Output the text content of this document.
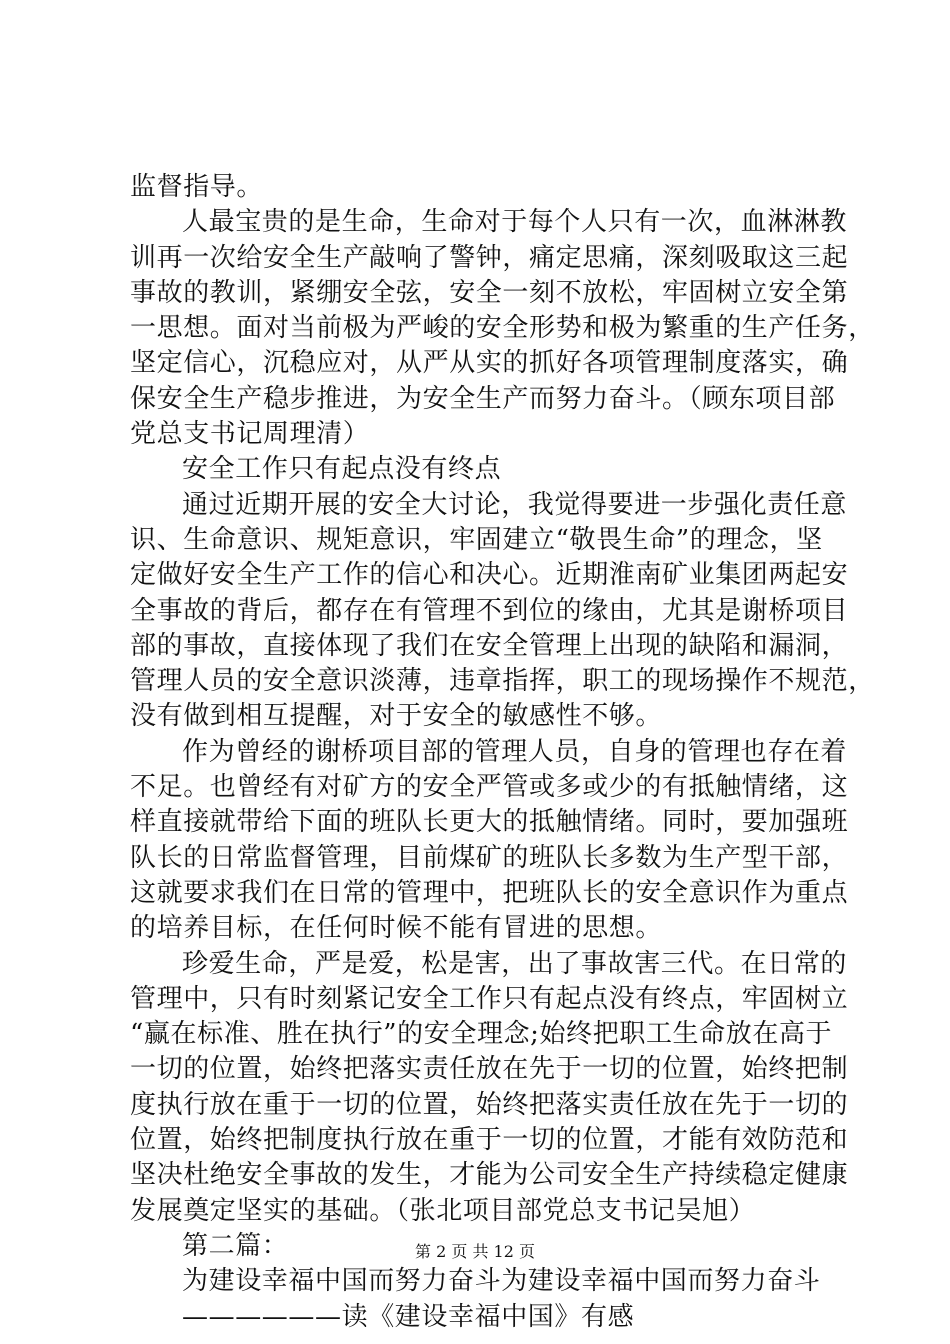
监督指导。
人最宝贵的是生命，生命对于每个人只有一次，血淋淋教
训再一次给安全生产敲响了警钟，痛定思痛，深刻吸取这三起
事故的教训，紧绷安全弦，安全一刻不放松，牢固树立安全第
一思想。面对当前极为严峻的安全形势和极为繁重的生产任务，
坚定信心，沉稳应对，从严从实的抓好各项管理制度落实，确
保安全生产稳步推进，为安全生产而努力奋斗。（顾东项目部
党总支书记周理清）
安全工作只有起点没有终点
通过近期开展的安全大讨论，我觉得要进一步强化责任意
识、生命意识、规矩意识，牢固建立“敬畏生命”的理念，坚
定做好安全生产工作的信心和决心。近期淮南矿业集团两起安
全事故的背后，都存在有管理不到位的缘由，尤其是谢桥项目
部的事故，直接体现了我们在安全管理上出现的缺陷和漏洞，
管理人员的安全意识淡薄，违章指挥，职工的现场操作不规范，
没有做到相互提醒，对于安全的敏感性不够。
作为曾经的谢桥项目部的管理人员，自身的管理也存在着
不足。也曾经有对矿方的安全严管或多或少的有抵触情绪，这
样直接就带给下面的班队长更大的抵触情绪。同时，要加强班
队长的日常监督管理，目前煤矿的班队长多数为生产型干部，
这就要求我们在日常的管理中，把班队长的安全意识作为重点
的培养目标，在任何时候不能有冒进的思想。
珍爱生命，严是爱，松是害，出了事故害三代。在日常的
管理中，只有时刻紧记安全工作只有起点没有终点，牢固树立
“赢在标准、胜在执行”的安全理念;始终把职工生命放在高于
一切的位置，始终把落实责任放在先于一切的位置，始终把制
度执行放在重于一切的位置，始终把落实责任放在先于一切的
位置，始终把制度执行放在重于一切的位置，才能有效防范和
坚决杜绝安全事故的发生，才能为公司安全生产持续稳定健康
发展奠定坚实的基础。（张北项目部党总支书记吴旭）
第二篇：
为建设幸福中国而努力奋斗为建设幸福中国而努力奋斗
——————读《建设幸福中国》有感
第 2 页 共 12 页
